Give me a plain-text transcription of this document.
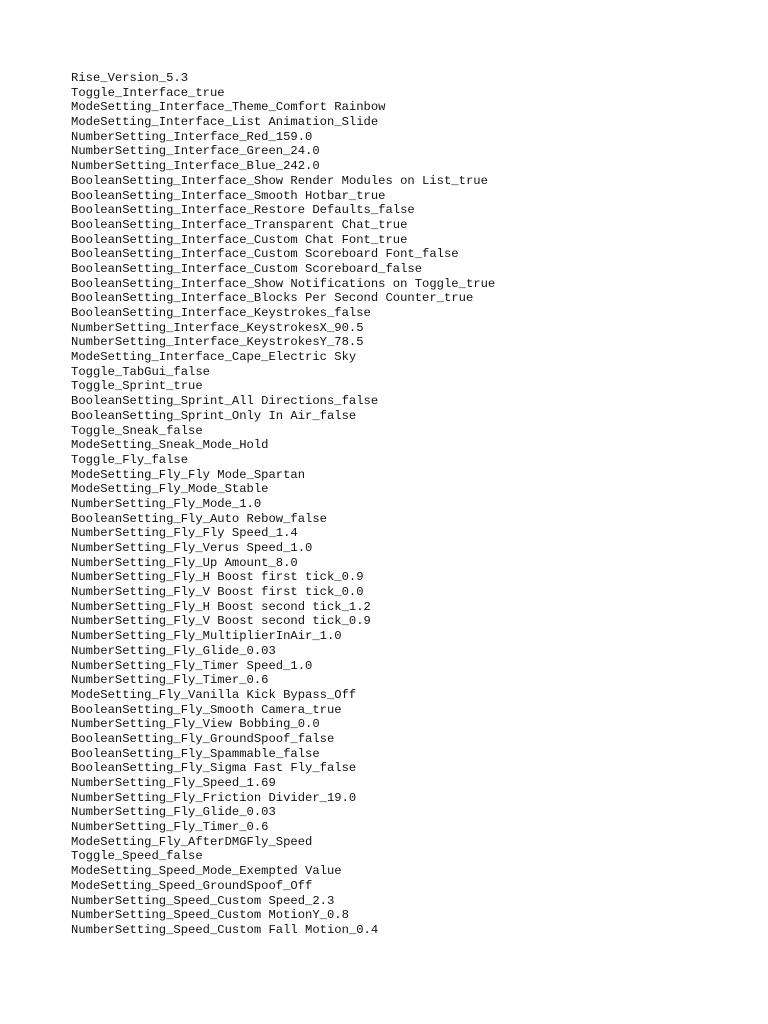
Rise_Version_5.3
Toggle_Interface_true
ModeSetting_Interface_Theme_Comfort Rainbow
ModeSetting_Interface_List Animation_Slide
NumberSetting_Interface_Red_159.0
NumberSetting_Interface_Green_24.0
NumberSetting_Interface_Blue_242.0
BooleanSetting_Interface_Show Render Modules on List_true
BooleanSetting_Interface_Smooth Hotbar_true
BooleanSetting_Interface_Restore Defaults_false
BooleanSetting_Interface_Transparent Chat_true
BooleanSetting_Interface_Custom Chat Font_true
BooleanSetting_Interface_Custom Scoreboard Font_false
BooleanSetting_Interface_Custom Scoreboard_false
BooleanSetting_Interface_Show Notifications on Toggle_true
BooleanSetting_Interface_Blocks Per Second Counter_true
BooleanSetting_Interface_Keystrokes_false
NumberSetting_Interface_KeystrokesX_90.5
NumberSetting_Interface_KeystrokesY_78.5
ModeSetting_Interface_Cape_Electric Sky
Toggle_TabGui_false
Toggle_Sprint_true
BooleanSetting_Sprint_All Directions_false
BooleanSetting_Sprint_Only In Air_false
Toggle_Sneak_false
ModeSetting_Sneak_Mode_Hold
Toggle_Fly_false
ModeSetting_Fly_Fly Mode_Spartan
ModeSetting_Fly_Mode_Stable
NumberSetting_Fly_Mode_1.0
BooleanSetting_Fly_Auto Rebow_false
NumberSetting_Fly_Fly Speed_1.4
NumberSetting_Fly_Verus Speed_1.0
NumberSetting_Fly_Up Amount_8.0
NumberSetting_Fly_H Boost first tick_0.9
NumberSetting_Fly_V Boost first tick_0.0
NumberSetting_Fly_H Boost second tick_1.2
NumberSetting_Fly_V Boost second tick_0.9
NumberSetting_Fly_MultiplierInAir_1.0
NumberSetting_Fly_Glide_0.03
NumberSetting_Fly_Timer Speed_1.0
NumberSetting_Fly_Timer_0.6
ModeSetting_Fly_Vanilla Kick Bypass_Off
BooleanSetting_Fly_Smooth Camera_true
NumberSetting_Fly_View Bobbing_0.0
BooleanSetting_Fly_GroundSpoof_false
BooleanSetting_Fly_Spammable_false
BooleanSetting_Fly_Sigma Fast Fly_false
NumberSetting_Fly_Speed_1.69
NumberSetting_Fly_Friction Divider_19.0
NumberSetting_Fly_Glide_0.03
NumberSetting_Fly_Timer_0.6
ModeSetting_Fly_AfterDMGFly_Speed
Toggle_Speed_false
ModeSetting_Speed_Mode_Exempted Value
ModeSetting_Speed_GroundSpoof_Off
NumberSetting_Speed_Custom Speed_2.3
NumberSetting_Speed_Custom MotionY_0.8
NumberSetting_Speed_Custom Fall Motion_0.4
